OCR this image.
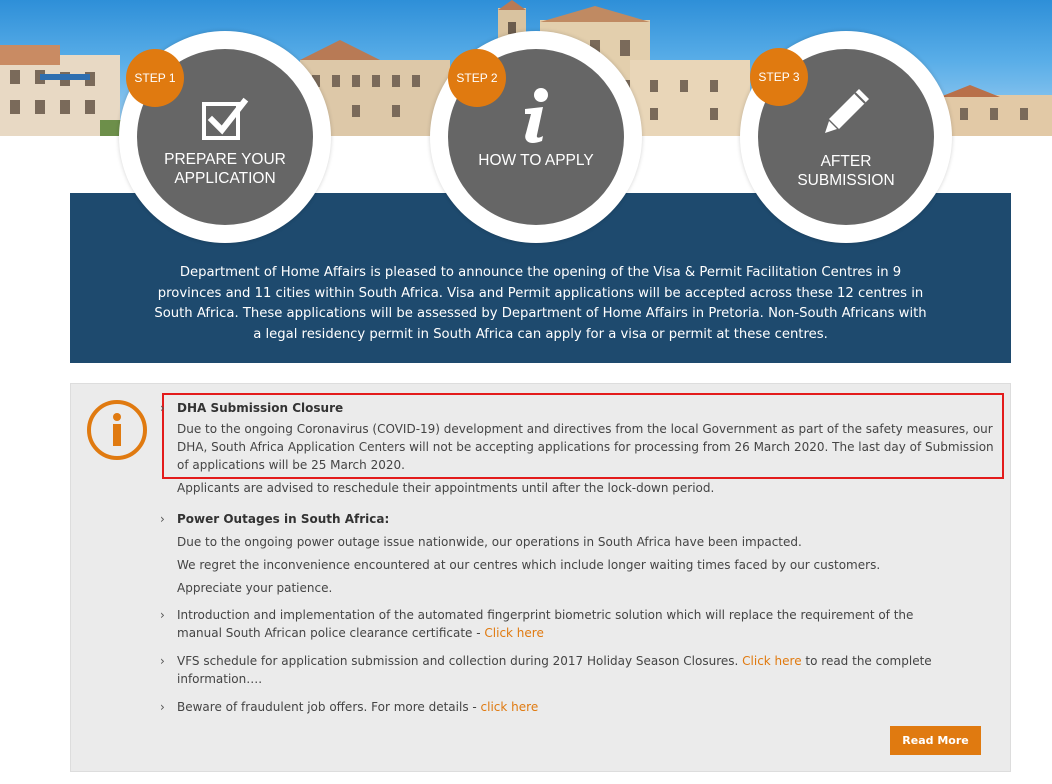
Department of Home Affairs is pleased to announce the opening of the Visa & Permit Facilitation Centres in 9 provinces and 11 cities within South Africa. Visa and Permit applications will be accepted across these 12 centres in South Africa. These applications will be assessed by Department of Home Affairs in Pretoria. Non-South Africans with a legal residency permit in South Africa can apply for a visa or permit at these centres.

PREPARE YOUR
APPLICATION
STEP 1
HOW TO APPLY
STEP 2
AFTER
SUBMISSION
STEP 3
›	DHA Submission Closure
Due to the ongoing Coronavirus (COVID-19) development and directives from the local Government as part of the safety measures, our DHA, South Africa Application Centers will not be accepting applications for processing from 26 March 2020. The last day of Submission of applications will be 25 March 2020.
Applicants are advised to reschedule their appointments until after the lock-down period.
›	Power Outages in South Africa:
Due to the ongoing power outage issue nationwide, our operations in South Africa have been impacted.
We regret the inconvenience encountered at our centres which include longer waiting times faced by our customers.
Appreciate your patience.
›	Introduction and implementation of the automated fingerprint biometric solution which will replace the requirement of the manual South African police clearance certificate - Click here
›	VFS schedule for application submission and collection during 2017 Holiday Season Closures. Click here to read the complete information….
›	Beware of fraudulent job offers. For more details - click here
Read More
